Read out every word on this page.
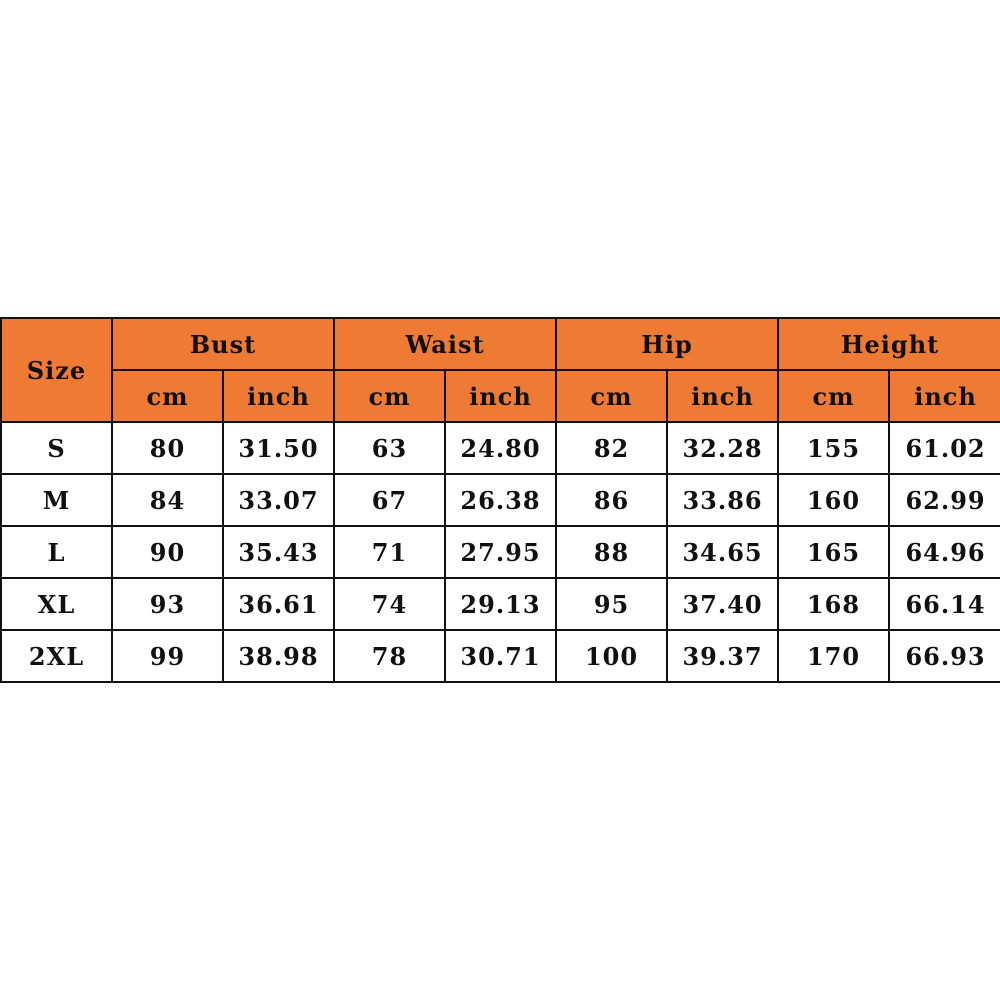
Size	Bust		Waist		Hip		Height	
	cm	inch	cm	inch	cm	inch	cm	inch
S	80	31.50	63	24.80	82	32.28	155	61.02
M	84	33.07	67	26.38	86	33.86	160	62.99
L	90	35.43	71	27.95	88	34.65	165	64.96
XL	93	36.61	74	29.13	95	37.40	168	66.14
2XL	99	38.98	78	30.71	100	39.37	170	66.93
